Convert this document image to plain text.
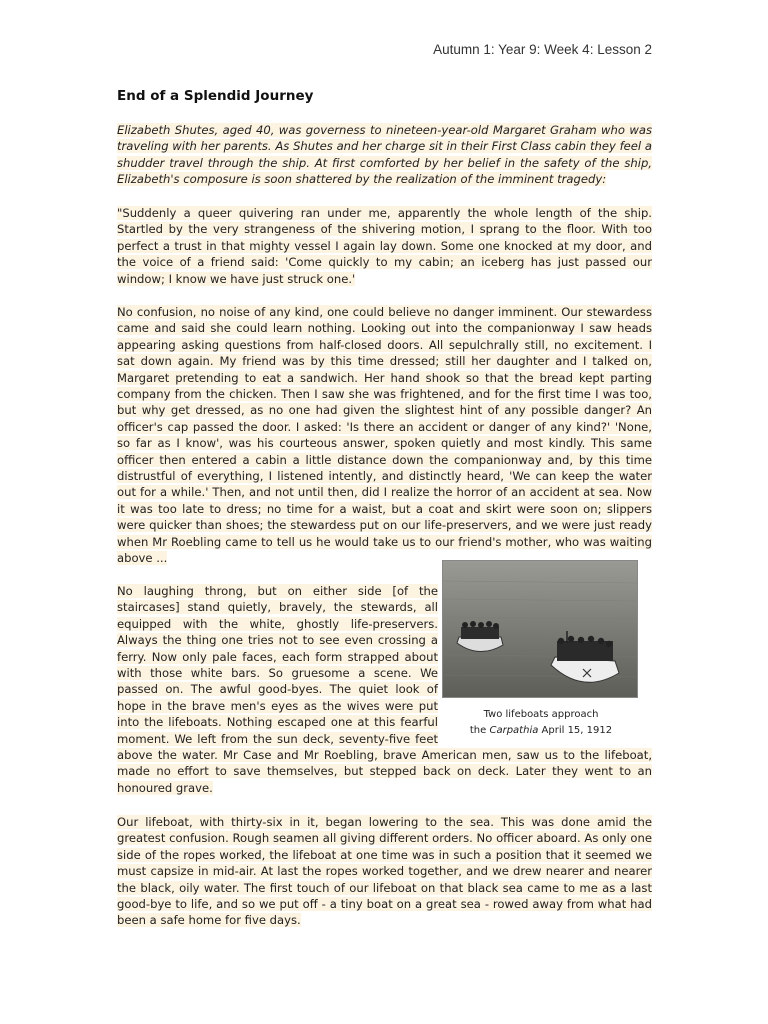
Autumn 1: Year 9: Week 4: Lesson 2
End of a Splendid Journey

Elizabeth Shutes, aged 40, was governess to nineteen-year-old Margaret Graham who was traveling with her parents. As Shutes and her charge sit in their First Class cabin they feel a shudder travel through the ship. At first comforted by her belief in the safety of the ship, Elizabeth's composure is soon shattered by the realization of the imminent tragedy:

"Suddenly a queer quivering ran under me, apparently the whole length of the ship. Startled by the very strangeness of the shivering motion, I sprang to the floor. With too perfect a trust in that mighty vessel I again lay down. Some one knocked at my door, and the voice of a friend said: 'Come quickly to my cabin; an iceberg has just passed our window; I know we have just struck one.'

No confusion, no noise of any kind, one could believe no danger imminent. Our stewardess came and said she could learn nothing. Looking out into the companionway I saw heads appearing asking questions from half-closed doors. All sepulchrally still, no excitement. I sat down again. My friend was by this time dressed; still her daughter and I talked on, Margaret pretending to eat a sandwich. Her hand shook so that the bread kept parting company from the chicken. Then I saw she was frightened, and for the first time I was too, but why get dressed, as no one had given the slightest hint of any possible danger? An officer's cap passed the door. I asked: 'Is there an accident or danger of any kind?' 'None, so far as I know', was his courteous answer, spoken quietly and most kindly. This same officer then entered a cabin a little distance down the companionway and, by this time distrustful of everything, I listened intently, and distinctly heard, 'We can keep the water out for a while.' Then, and not until then, did I realize the horror of an accident at sea. Now it was too late to dress; no time for a waist, but a coat and skirt were soon on; slippers were quicker than shoes; the stewardess put on our life-preservers, and we were just ready when Mr Roebling came to tell us he would take us to our friend's mother, who was waiting above ...

No laughing throng, but on either side [of the staircases] stand quietly, bravely, the stewards, all equipped with the white, ghostly life-preservers. Always the thing one tries not to see even crossing a ferry. Now only pale faces, each form strapped about with those white bars. So gruesome a scene. We passed on. The awful good-byes. The quiet look of hope in the brave men's eyes as the wives were put into the lifeboats. Nothing escaped one at this fearful moment. We left from the sun deck, seventy-five feet above the water. Mr Case and Mr Roebling, brave American men, saw us to the lifeboat, made no effort to save themselves, but stepped back on deck. Later they went to an honoured grave.

Our lifeboat, with thirty-six in it, began lowering to the sea. This was done amid the greatest confusion. Rough seamen all giving different orders. No officer aboard. As only one side of the ropes worked, the lifeboat at one time was in such a position that it seemed we must capsize in mid-air. At last the ropes worked together, and we drew nearer and nearer the black, oily water. The first touch of our lifeboat on that black sea came to me as a last good-bye to life, and so we put off - a tiny boat on a great sea - rowed away from what had been a safe home for five days.

Two lifeboats approach
the Carpathia April 15, 1912
